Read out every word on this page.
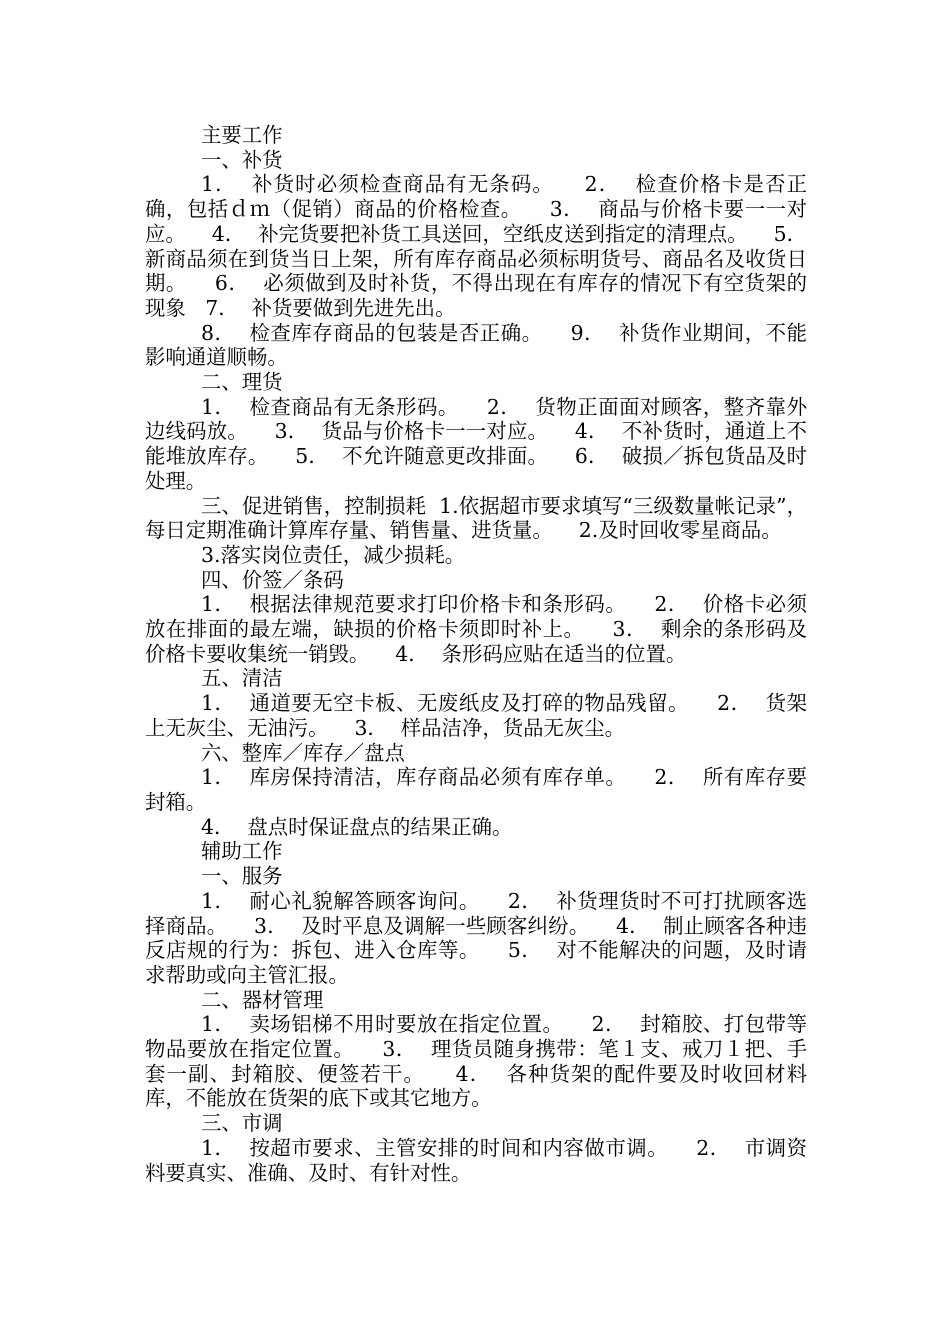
主要工作

一、补货

1．  补货时必须检查商品有无条码。    2．  检查价格卡是否正确，包括ｄｍ（促销）商品的价格检查。    3．  商品与价格卡要一一对应。    4．  补完货要把补货工具送回，空纸皮送到指定的清理点。    5．  新商品须在到货当日上架，所有库存商品必须标明货号、商品名及收货日期。    6．  必须做到及时补货，不得出现在有库存的情况下有空货架的现象   7．  补货要做到先进先出。

8．  检查库存商品的包装是否正确。    9．  补货作业期间，不能影响通道顺畅。

二、理货

1．  检查商品有无条形码。    2．  货物正面面对顾客，整齐靠外边线码放。    3．  货品与价格卡一一对应。    4．  不补货时，通道上不能堆放库存。    5．  不允许随意更改排面。    6．  破损／拆包货品及时处理。

三、促进销售，控制损耗  1.依据超市要求填写“三级数量帐记录”，每日定期准确计算库存量、销售量、进货量。    2.及时回收零星商品。

3.落实岗位责任，减少损耗。

四、价签／条码

1．  根据法律规范要求打印价格卡和条形码。    2．  价格卡必须放在排面的最左端，缺损的价格卡须即时补上。    3．  剩余的条形码及价格卡要收集统一销毁。    4．  条形码应贴在适当的位置。

五、清洁

1．  通道要无空卡板、无废纸皮及打碎的物品残留。    2．  货架上无灰尘、无油污。    3．  样品洁净，货品无灰尘。

六、整库／库存／盘点

1．  库房保持清洁，库存商品必须有库存单。    2．  所有库存要封箱。

4．  盘点时保证盘点的结果正确。

辅助工作

一、服务

1．  耐心礼貌解答顾客询问。    2．  补货理货时不可打扰顾客选择商品。    3．  及时平息及调解一些顾客纠纷。    4．  制止顾客各种违反店规的行为：拆包、进入仓库等。    5．  对不能解决的问题，及时请求帮助或向主管汇报。

二、器材管理

1．  卖场铝梯不用时要放在指定位置。    2．  封箱胶、打包带等物品要放在指定位置。    3．  理货员随身携带：笔１支、戒刀１把、手套一副、封箱胶、便签若干。    4．  各种货架的配件要及时收回材料库，不能放在货架的底下或其它地方。

三、市调

1．  按超市要求、主管安排的时间和内容做市调。    2．  市调资料要真实、准确、及时、有针对性。
